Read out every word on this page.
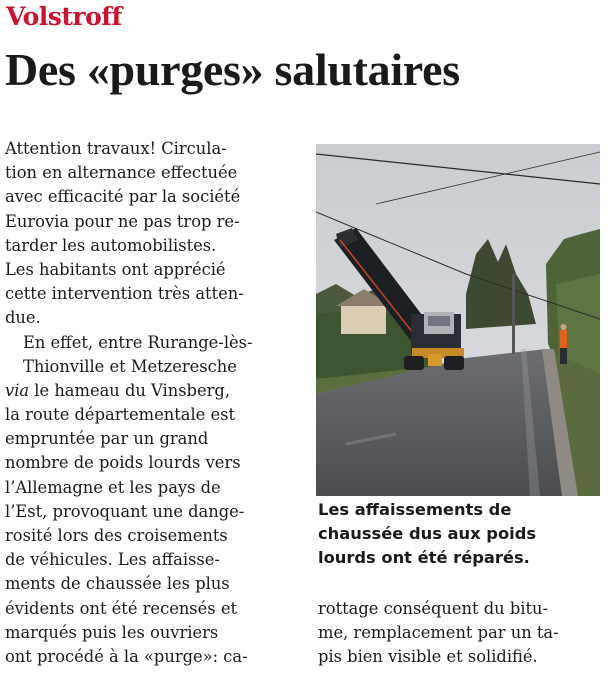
Volstroff
Des «purges» salutaires
Attention travaux! Circula-
tion en alternance effectuée
avec efficacité par la société
Eurovia pour ne pas trop re-
tarder les automobilistes.
Les habitants ont apprécié
cette intervention très atten-
due.
En effet, entre Rurange-lès-
Thionville et Metzeresche
via le hameau du Vinsberg,
la route départementale est
empruntée par un grand
nombre de poids lourds vers
l’Allemagne et les pays de
l’Est, provoquant une dange-
rosité lors des croisements
de véhicules. Les affaisse-
ments de chaussée les plus
évidents ont été recensés et
marqués puis les ouvriers
ont procédé à la «purge»: ca-
Les affaissements de
chaussée dus aux poids
lourds ont été réparés.
rottage conséquent du bitu-
me, remplacement par un ta-
pis bien visible et solidifié.
